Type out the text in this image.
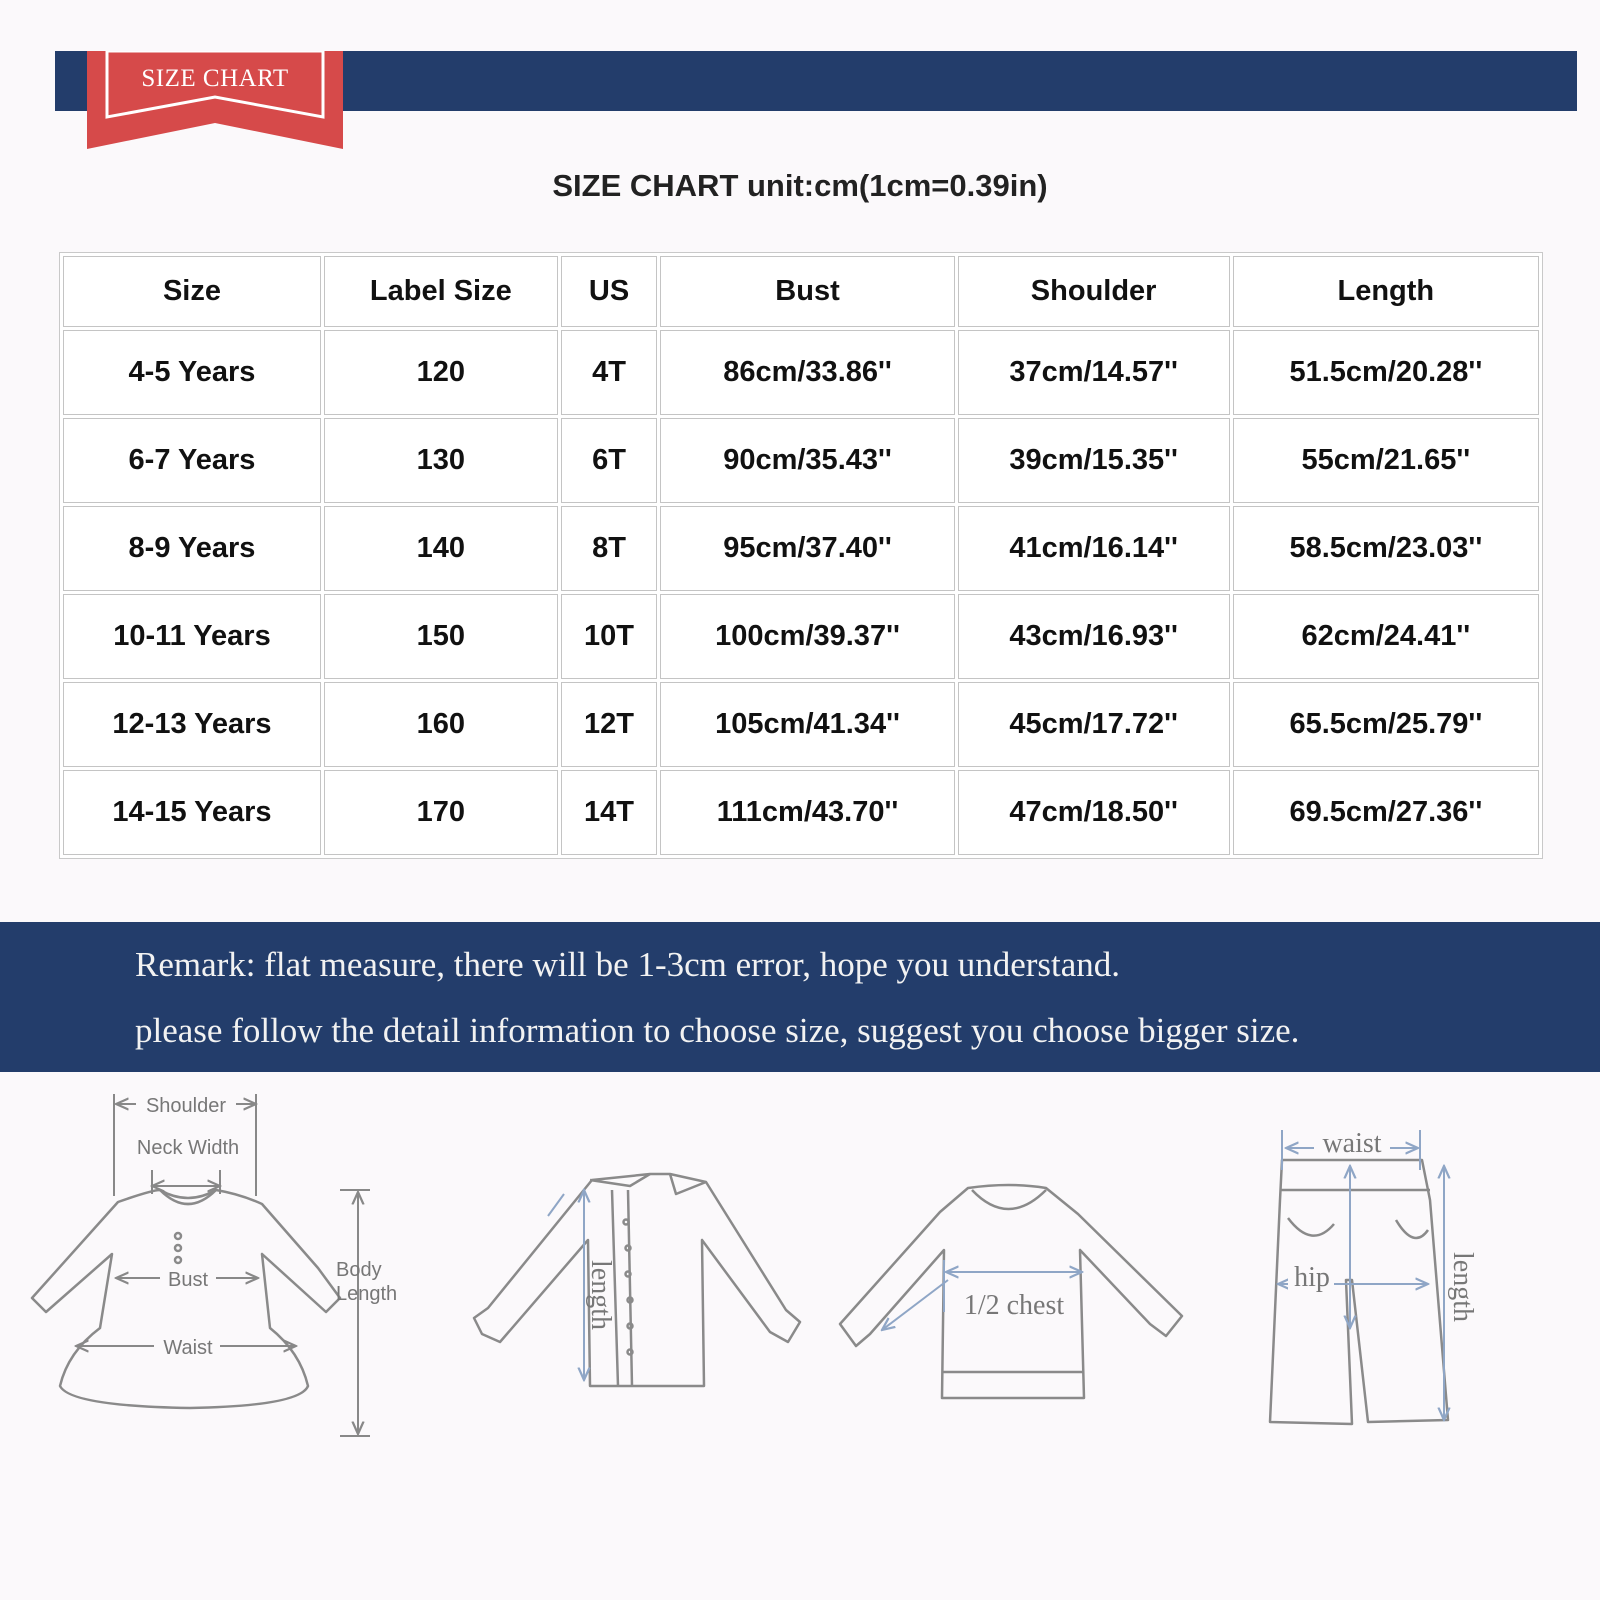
SIZE CHART
SIZE CHART unit:cm(1cm=0.39in)
Size	Label Size	US	Bust	Shoulder	Length
4-5 Years	120	4T	86cm/33.86''	37cm/14.57''	51.5cm/20.28''
6-7 Years	130	6T	90cm/35.43''	39cm/15.35''	55cm/21.65''
8-9 Years	140	8T	95cm/37.40''	41cm/16.14''	58.5cm/23.03''
10-11 Years	150	10T	100cm/39.37''	43cm/16.93''	62cm/24.41''
12-13 Years	160	12T	105cm/41.34''	45cm/17.72''	65.5cm/25.79''
14-15 Years	170	14T	111cm/43.70''	47cm/18.50''	69.5cm/27.36''
Remark: flat measure, there will be 1-3cm error, hope you understand.
please follow the detail information to choose size, suggest you choose bigger size.
Shoulder
Neck Width
Bust
Waist
Body
Length	length	1/2 chest
waist
hip	length
